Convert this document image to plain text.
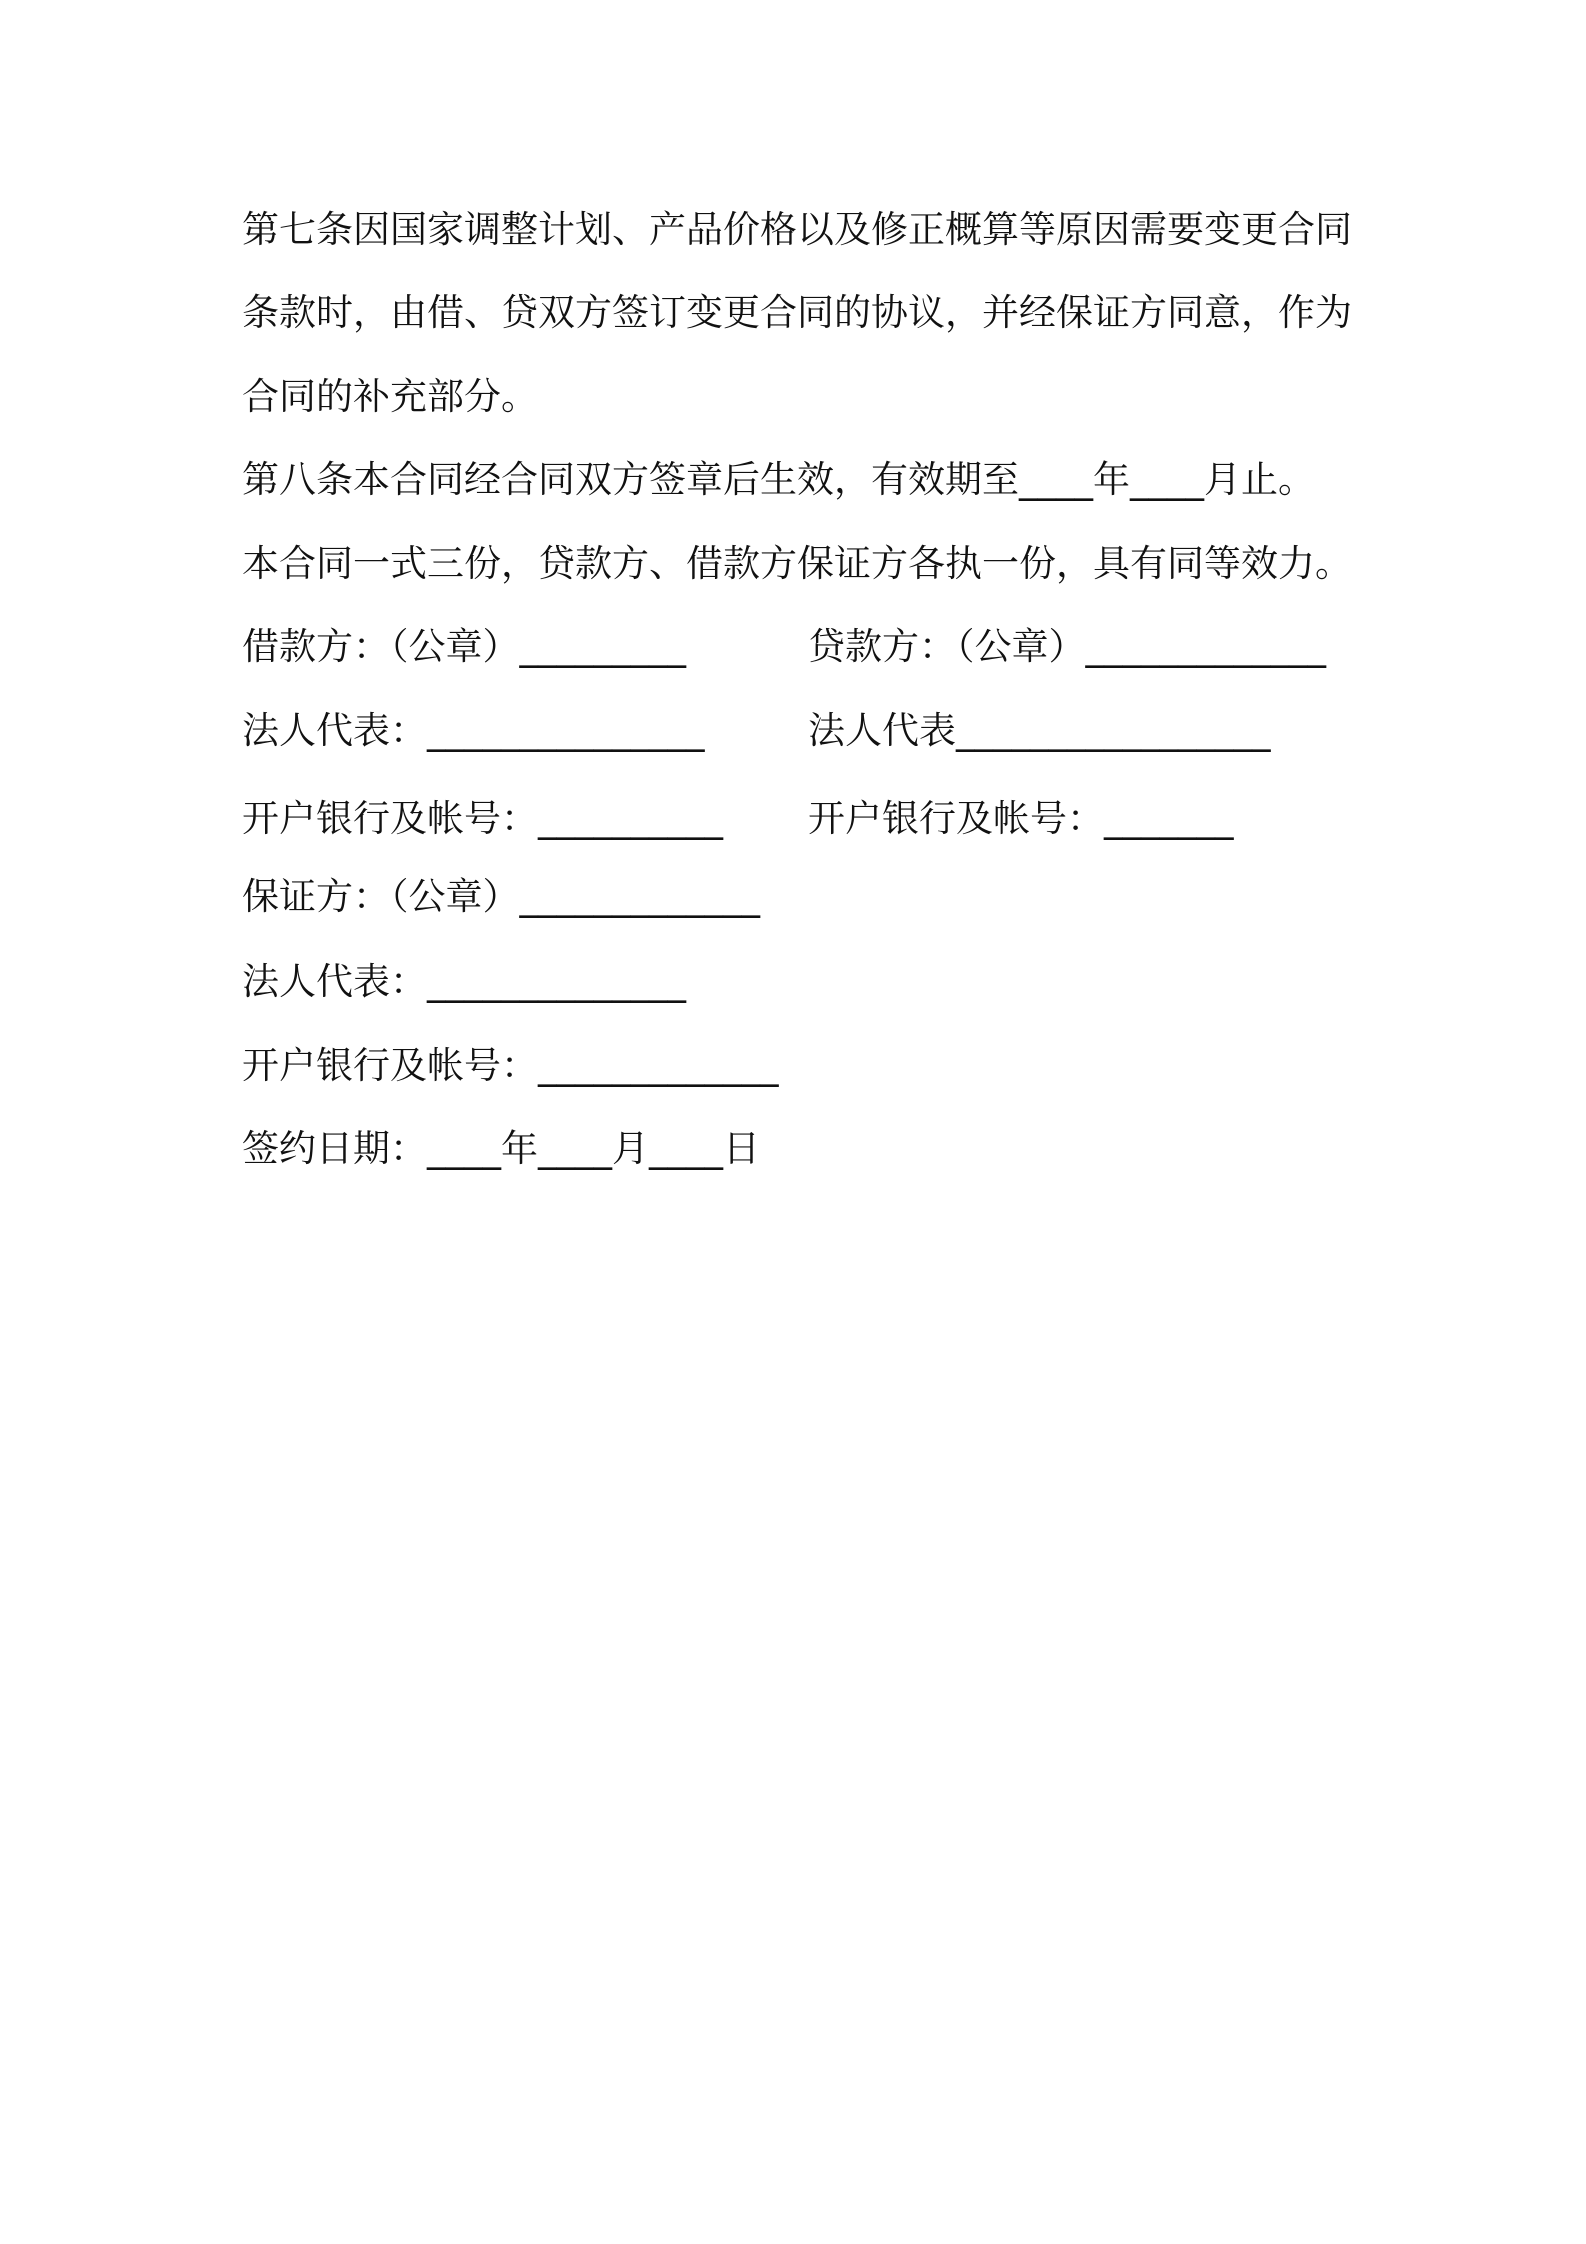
第七条因国家调整计划、产品价格以及修正概算等原因需要变更合同
条款时，由借、贷双方签订变更合同的协议，并经保证方同意，作为
合同的补充部分。
第八条本合同经合同双方签章后生效，有效期至____年____月止。
本合同一式三份，贷款方、借款方保证方各执一份，具有同等效力。
借款方：（公章）_________	贷款方：（公章）_____________
法人代表：_______________	法人代表_________________
开户银行及帐号：__________ 开户银行及帐号：_______
保证方：（公章）_____________
法人代表：______________
开户银行及帐号：_____________
签约日期：____年____月____日
